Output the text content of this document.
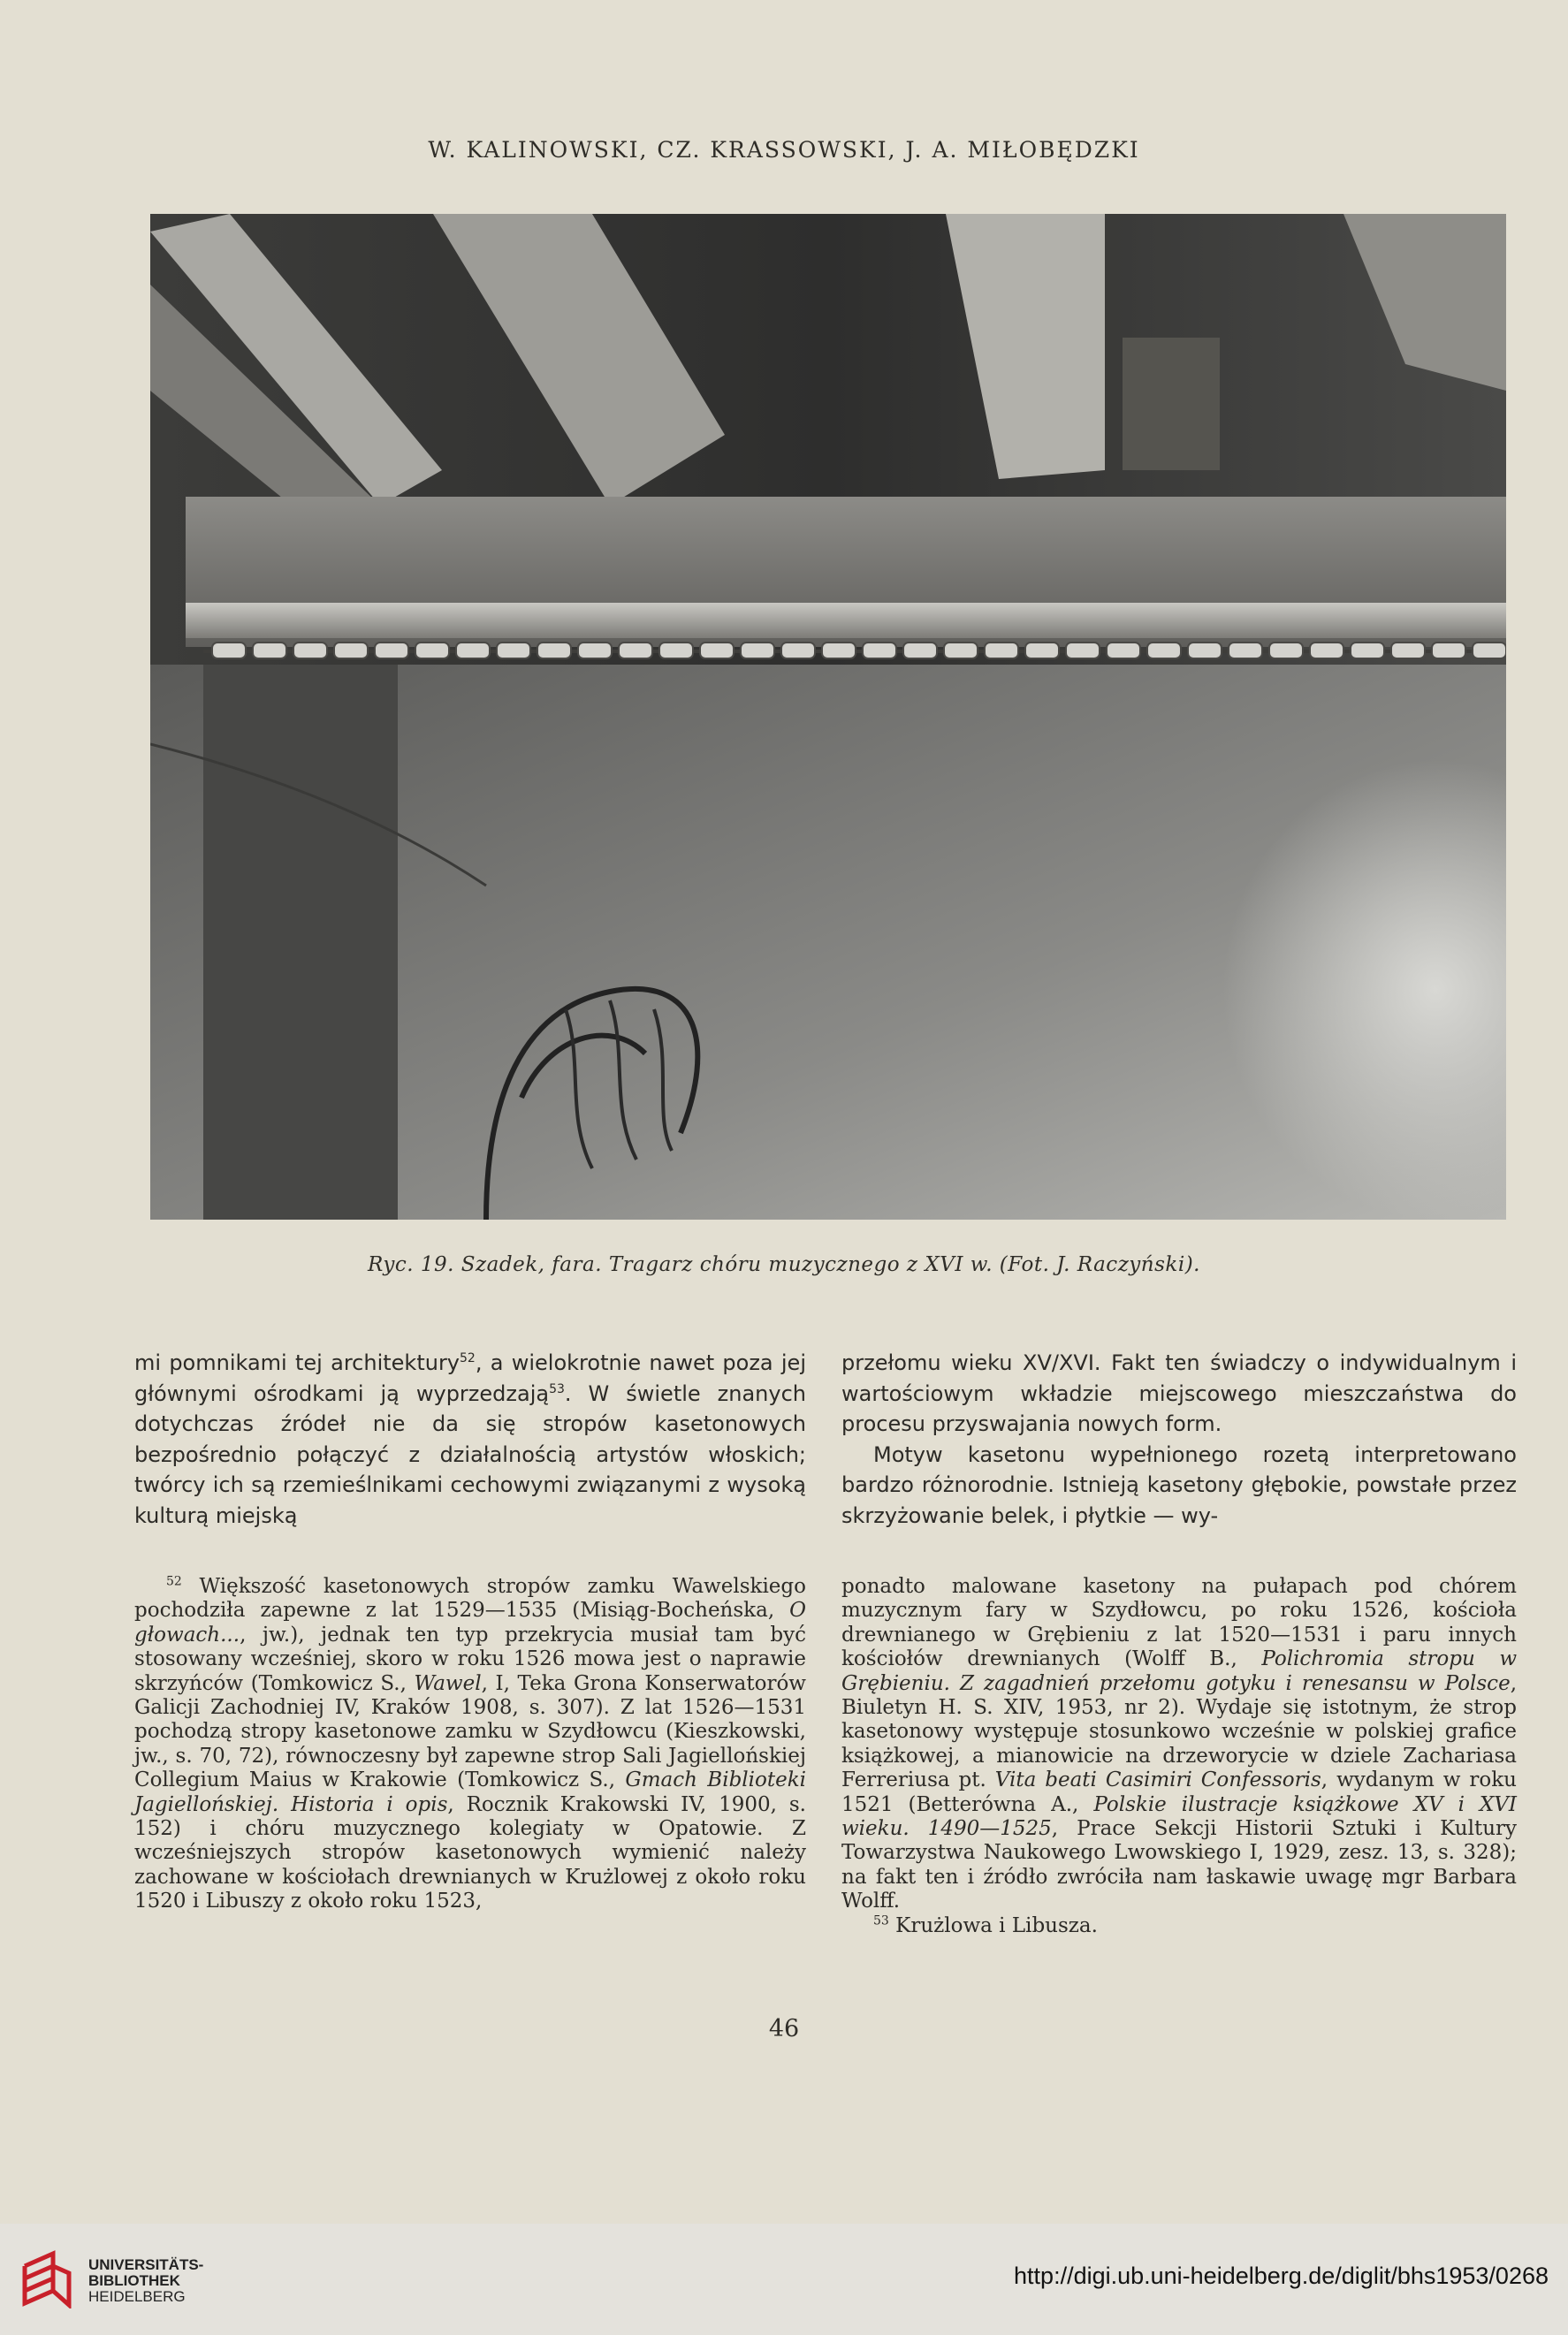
W. KALINOWSKI, CZ. KRASSOWSKI, J. A. MIŁOBĘDZKI
Ryc. 19. Szadek, fara. Tragarz chóru muzycznego z XVI w. (Fot. J. Raczyński).
mi pomnikami tej architektury$^{52}$, a wielokrotnie nawet poza jej głównymi ośrodkami ją wyprzedzają$^{53}$. W świetle znanych dotychczas źródeł nie da się stropów kasetonowych bezpośrednio połączyć z działalnością artystów włoskich; twórcy ich są rzemieślnikami cechowymi związanymi z wysoką kulturą miejską
przełomu wieku XV/XVI. Fakt ten świadczy o indywidualnym i wartościowym wkładzie miejscowego mieszczaństwa do procesu przyswajania nowych form.
Motyw kasetonu wypełnionego rozetą interpretowano bardzo różnorodnie. Istnieją kasetony głębokie, powstałe przez skrzyżowanie belek, i płytkie — wy-
$^{52}$ Większość kasetonowych stropów zamku Wawelskiego pochodziła zapewne z lat 1529—1535 (Misiąg-Bocheńska, O głowach..., jw.), jednak ten typ przekrycia musiał tam być stosowany wcześniej, skoro w roku 1526 mowa jest o naprawie skrzyńców (Tomkowicz S., Wawel, I, Teka Grona Konserwatorów Galicji Zachodniej IV, Kraków 1908, s. 307). Z lat 1526—1531 pochodzą stropy kasetonowe zamku w Szydłowcu (Kieszkowski, jw., s. 70, 72), równoczesny był zapewne strop Sali Jagiellońskiej Collegium Maius w Krakowie (Tomkowicz S., Gmach Biblioteki Jagiellońskiej. Historia i opis, Rocznik Krakowski IV, 1900, s. 152) i chóru muzycznego kolegiaty w Opatowie. Z wcześniejszych stropów kasetonowych wymienić należy zachowane w kościołach drewnianych w Krużlowej z około roku 1520 i Libuszy z około roku 1523,
ponadto malowane kasetony na pułapach pod chórem muzycznym fary w Szydłowcu, po roku 1526, kościoła drewnianego w Grębieniu z lat 1520—1531 i paru innych kościołów drewnianych (Wolff B., Polichromia stropu w Grębieniu. Z zagadnień przełomu gotyku i renesansu w Polsce, Biuletyn H. S. XIV, 1953, nr 2). Wydaje się istotnym, że strop kasetonowy występuje stosunkowo wcześnie w polskiej grafice książkowej, a mianowicie na drzeworycie w dziele Zachariasa Ferreriusa pt. Vita beati Casimiri Confessoris, wydanym w roku 1521 (Betterówna A., Polskie ilustracje książkowe XV i XVI wieku. 1490—1525, Prace Sekcji Historii Sztuki i Kultury Towarzystwa Naukowego Lwowskiego I, 1929, zesz. 13, s. 328); na fakt ten i źródło zwróciła nam łaskawie uwagę mgr Barbara Wolff.
$^{53}$ Krużlowa i Libusza.
46
UNIVERSITÄTS-
BIBLIOTHEK
HEIDELBERG
http://digi.ub.uni-heidelberg.de/diglit/bhs1953/0268
